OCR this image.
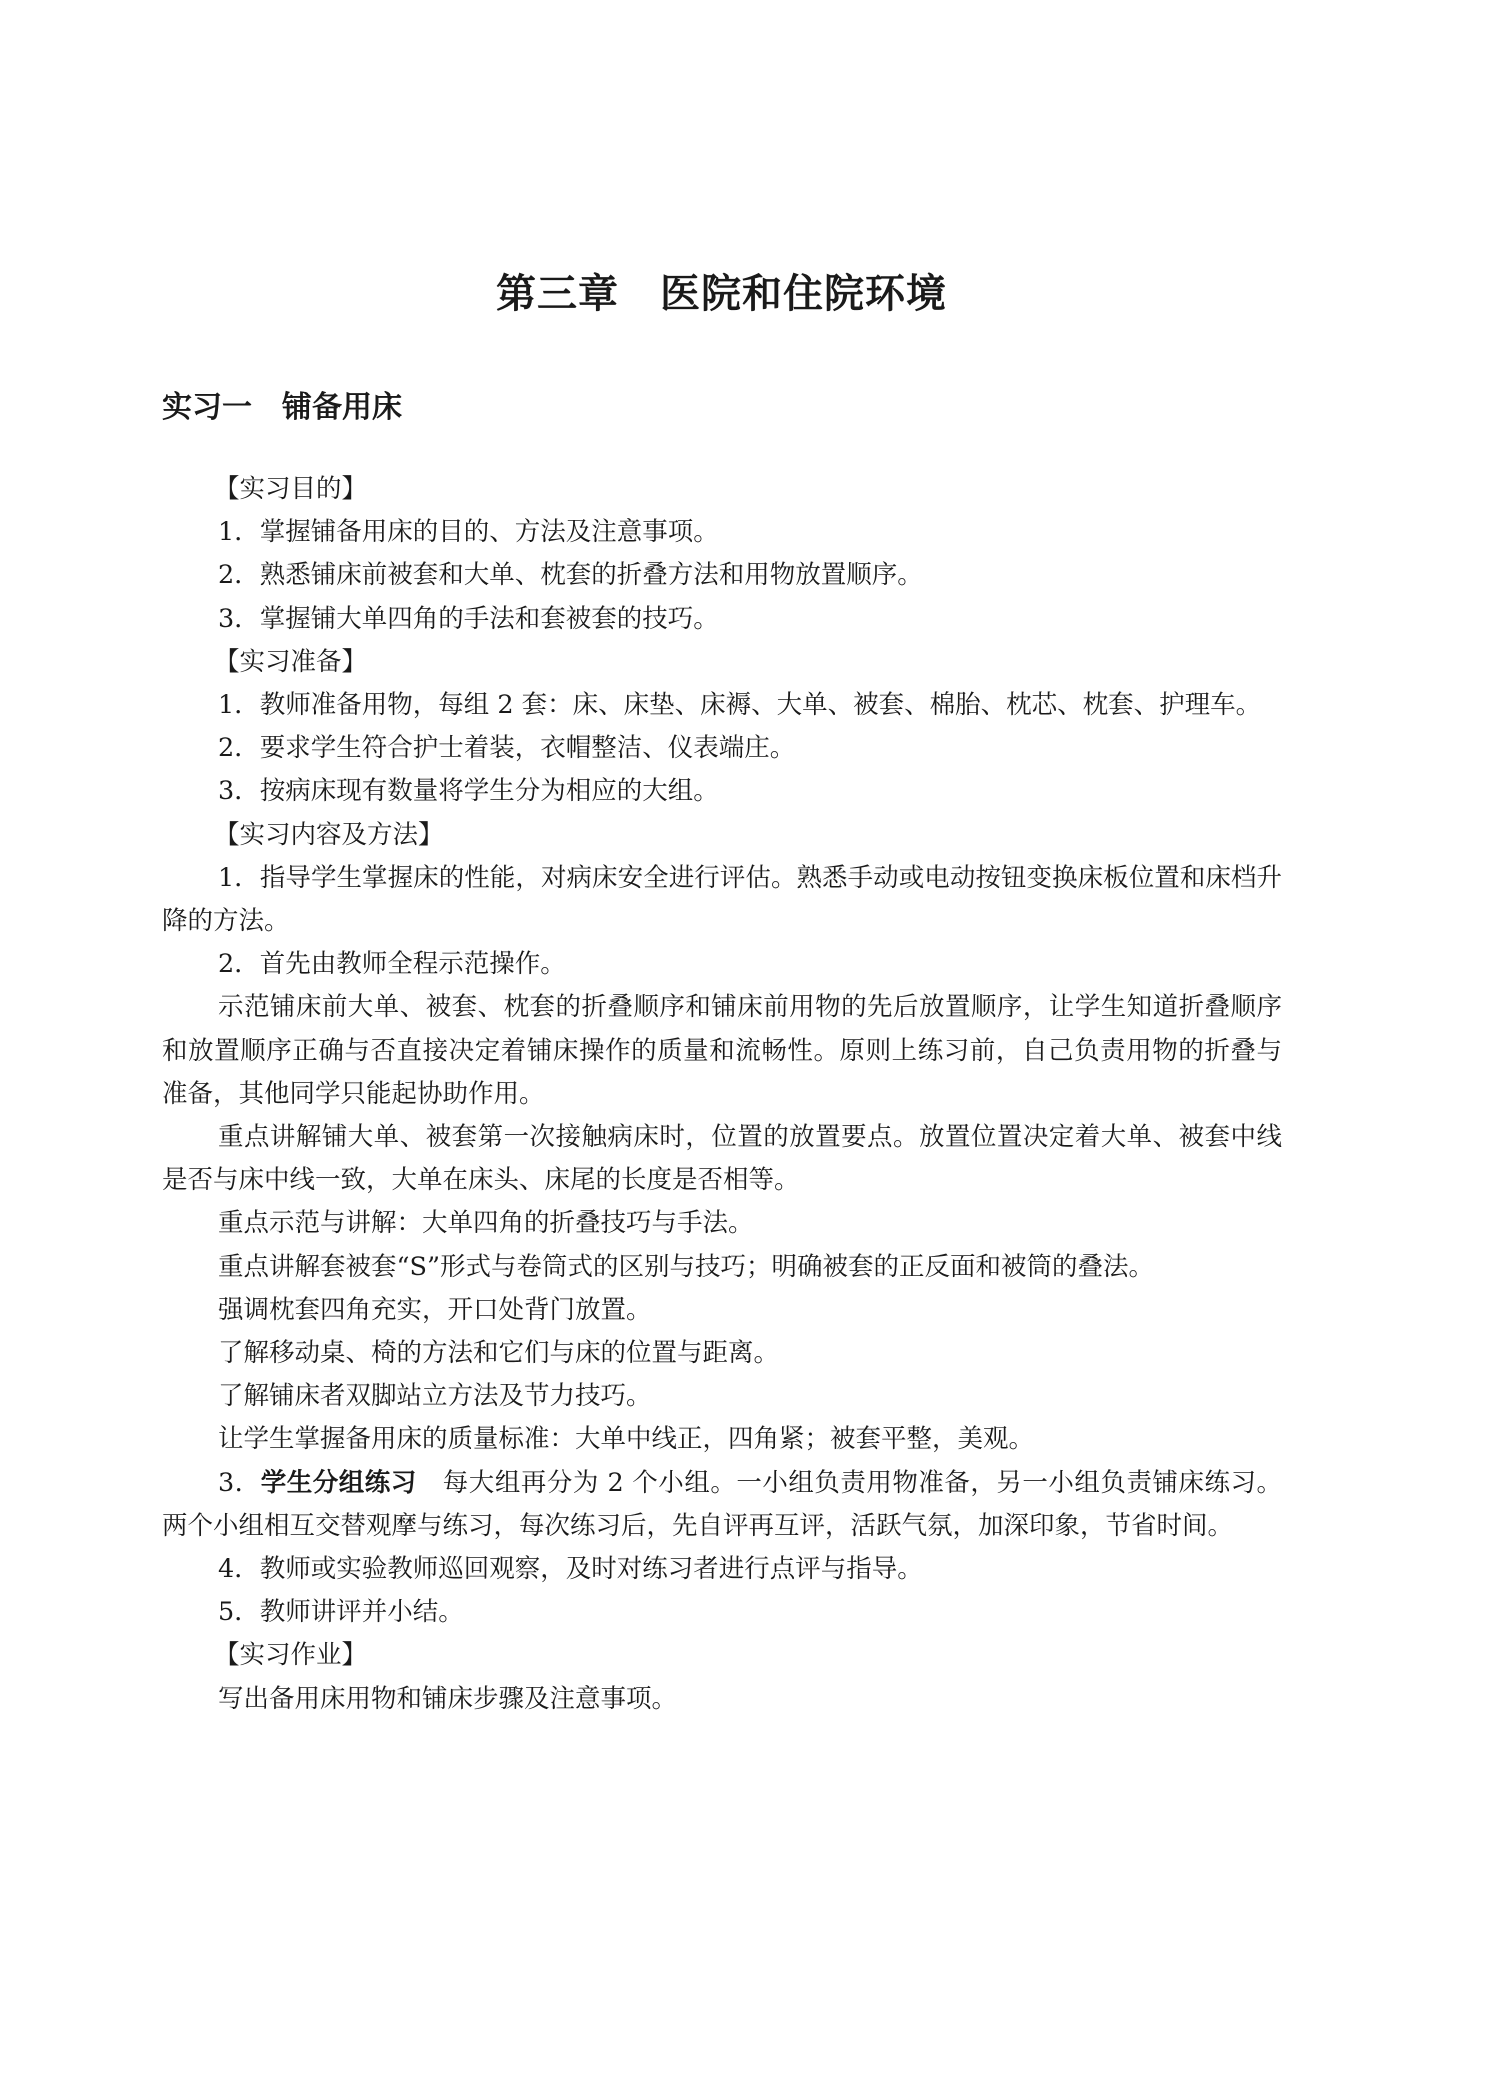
第三章　医院和住院环境
实习一　铺备用床

【实习目的】

1．掌握铺备用床的目的、方法及注意事项。

2．熟悉铺床前被套和大单、枕套的折叠方法和用物放置顺序。

3．掌握铺大单四角的手法和套被套的技巧。

【实习准备】

1．教师准备用物，每组 2 套：床、床垫、床褥、大单、被套、棉胎、枕芯、枕套、护理车。

2．要求学生符合护士着装，衣帽整洁、仪表端庄。

3．按病床现有数量将学生分为相应的大组。

【实习内容及方法】

1．指导学生掌握床的性能，对病床安全进行评估。熟悉手动或电动按钮变换床板位置和床档升降的方法。

2．首先由教师全程示范操作。

示范铺床前大单、被套、枕套的折叠顺序和铺床前用物的先后放置顺序，让学生知道折叠顺序和放置顺序正确与否直接决定着铺床操作的质量和流畅性。原则上练习前，自己负责用物的折叠与准备，其他同学只能起协助作用。

重点讲解铺大单、被套第一次接触病床时，位置的放置要点。放置位置决定着大单、被套中线是否与床中线一致，大单在床头、床尾的长度是否相等。

重点示范与讲解：大单四角的折叠技巧与手法。

重点讲解套被套“S”形式与卷筒式的区别与技巧；明确被套的正反面和被筒的叠法。

强调枕套四角充实，开口处背门放置。

了解移动桌、椅的方法和它们与床的位置与距离。

了解铺床者双脚站立方法及节力技巧。

让学生掌握备用床的质量标准：大单中线正，四角紧；被套平整，美观。

3．学生分组练习　每大组再分为 2 个小组。一小组负责用物准备，另一小组负责铺床练习。两个小组相互交替观摩与练习，每次练习后，先自评再互评，活跃气氛，加深印象，节省时间。

4．教师或实验教师巡回观察，及时对练习者进行点评与指导。

5．教师讲评并小结。

【实习作业】

写出备用床用物和铺床步骤及注意事项。
